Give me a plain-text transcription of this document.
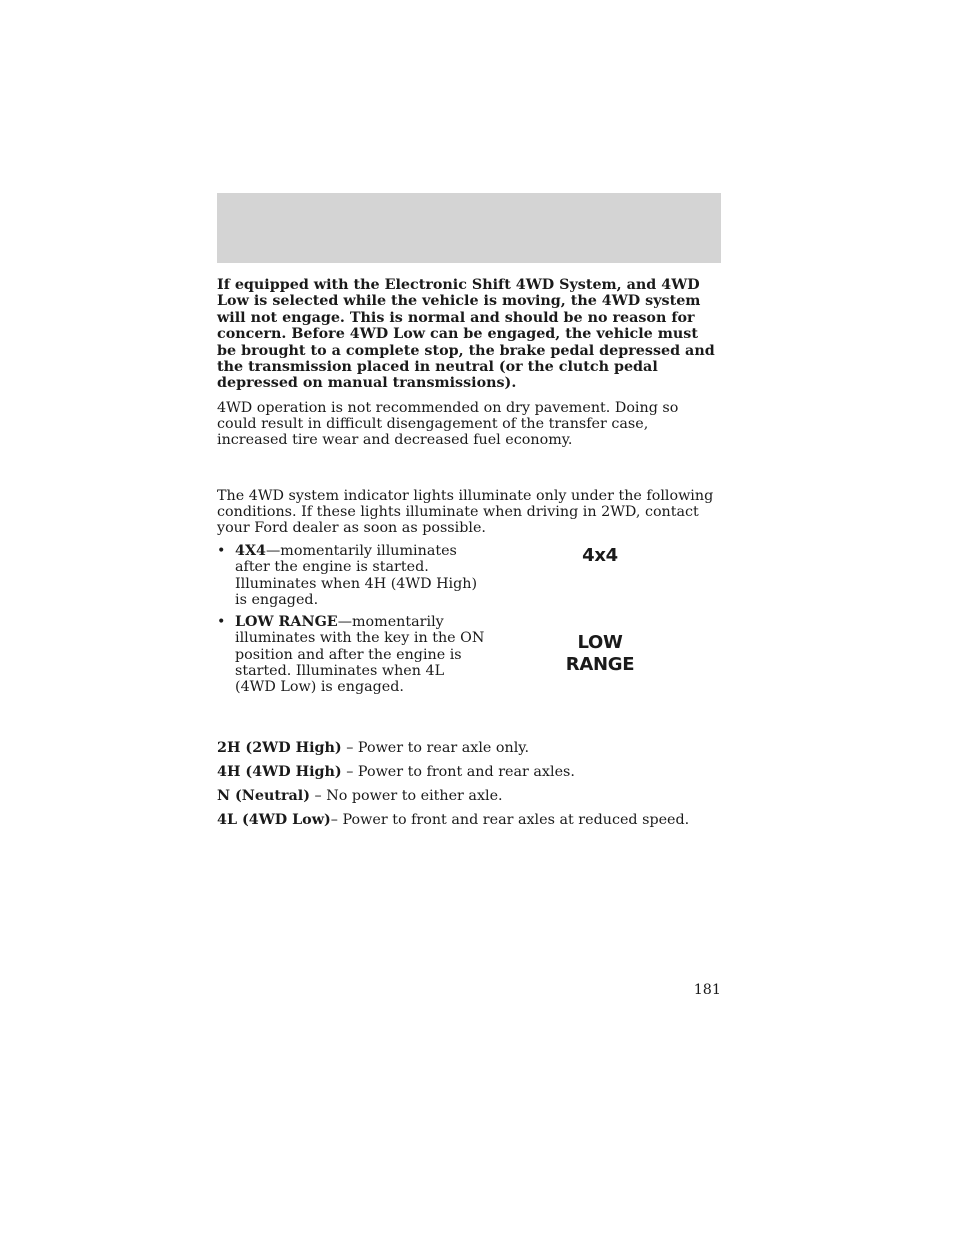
If equipped with the Electronic Shift 4WD System, and 4WD Low is selected while the vehicle is moving, the 4WD system will not engage. This is normal and should be no reason for concern. Before 4WD Low can be engaged, the vehicle must be brought to a complete stop, the brake pedal depressed and the transmission placed in neutral (or the clutch pedal depressed on manual transmissions).

4WD operation is not recommended on dry pavement. Doing so could result in difficult disengagement of the transfer case, increased tire wear and decreased fuel economy.

The 4WD system indicator lights illuminate only under the following conditions. If these lights illuminate when driving in 2WD, contact your Ford dealer as soon as possible.

• 4X4—momentarily illuminates after the engine is started. Illuminates when 4H (4WD High) is engaged.
• LOW RANGE—momentarily illuminates with the key in the ON position and after the engine is started. Illuminates when 4L (4WD Low) is engaged.
4x4
LOW
RANGE

2H (2WD High) – Power to rear axle only.

4H (4WD High) – Power to front and rear axles.

N (Neutral) – No power to either axle.

4L (4WD Low)– Power to front and rear axles at reduced speed.

181
